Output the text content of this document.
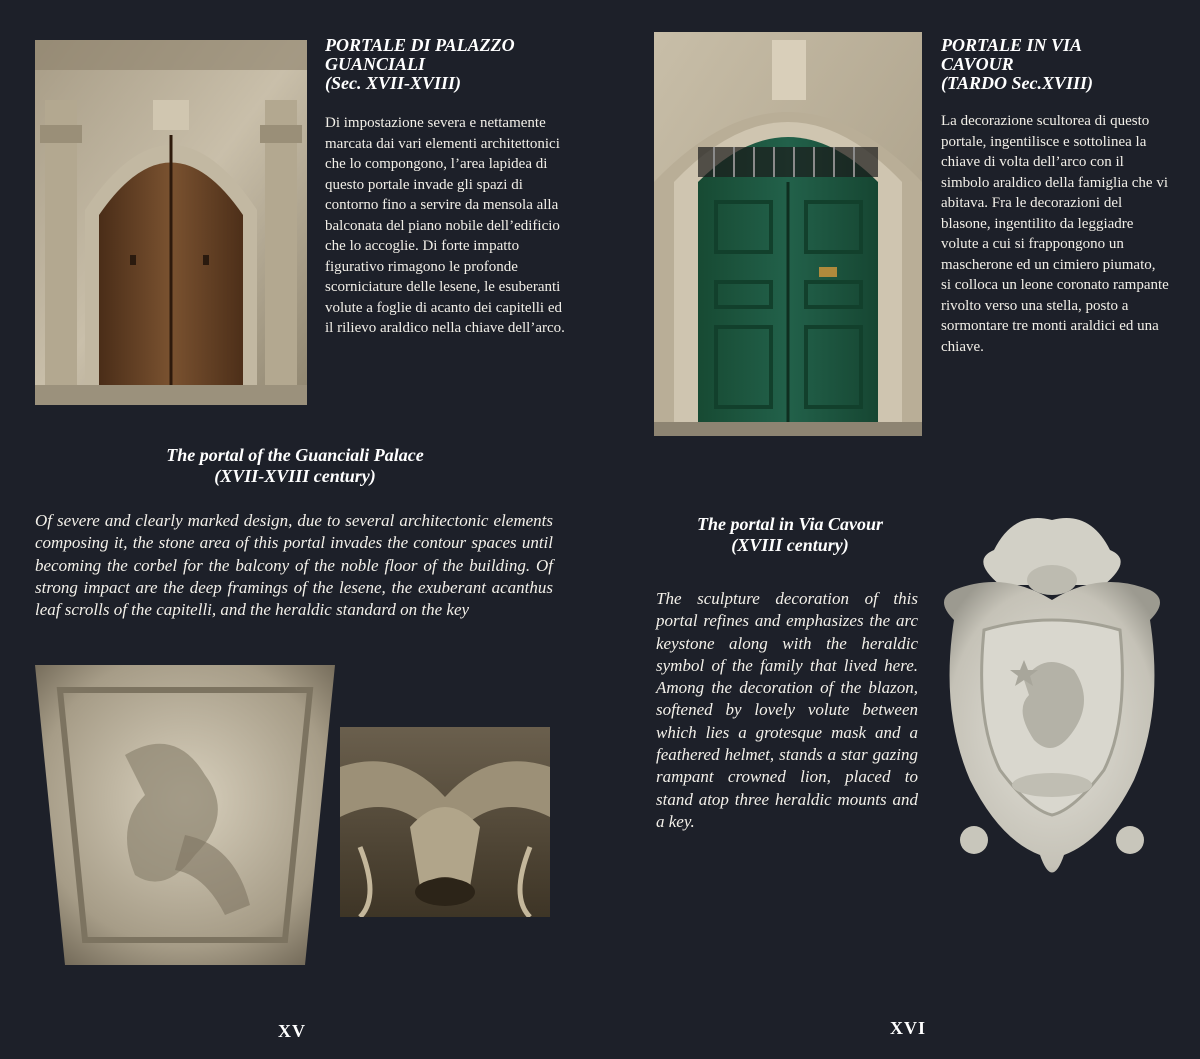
PORTALE DI PALAZZO
GUANCIALI
(Sec. XVII-XVIII)

Di impostazione severa e nettamente marcata dai vari elementi architettonici che lo compongono, l’area lapidea di questo portale invade gli spazi di contorno fino a servire da mensola alla balconata del piano nobile dell’edificio che lo accoglie. Di forte impatto figurativo rimagono le profonde scorniciature delle lesene, le esuberanti volute a foglie di acanto dei capitelli ed il rilievo araldico nella chiave dell’arco.

The portal of the Guanciali Palace
(XVII-XVIII century)

Of severe and clearly marked design, due to several architectonic elements composing it, the stone area of this portal invades the contour spaces until becoming the corbel for the balcony of the noble floor of the building. Of strong impact are the deep framings of the lesene, the exuberant acanthus leaf scrolls of the capitelli, and the heraldic standard on the key

XV
PORTALE IN VIA
CAVOUR
(TARDO Sec.XVIII)

La decorazione scultorea di questo portale, ingentilisce e sottolinea la chiave di volta dell’arco con il simbolo araldico della famiglia che vi abitava. Fra le decorazioni del blasone, ingentilito da leggiadre volute a cui si frappongono un mascherone ed un cimiero piumato, si colloca un leone coronato rampante rivolto verso una stella, posto a sormontare tre monti araldici ed una chiave.

The portal in Via Cavour
(XVIII century)

The sculpture decoration of this portal refines and emphasizes the arc keystone along with the heraldic symbol of the family that lived here. Among the decoration of the blazon, softened by lovely volute between which lies a grotesque mask and a feathered helmet, stands a star gazing rampant crowned lion, placed to stand atop three heraldic mounts and a key.

XVI
